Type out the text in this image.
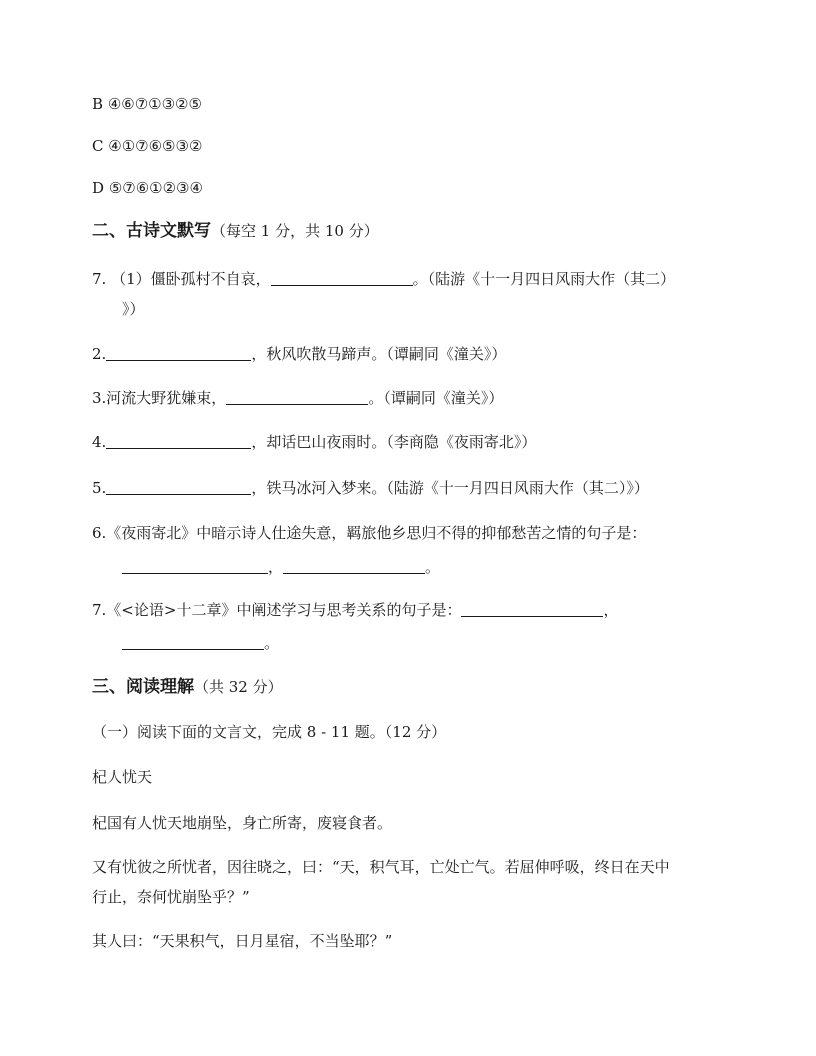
B ④⑥⑦①③②⑤
C ④①⑦⑥⑤③②
D ⑤⑦⑥①②③④
二、古诗文默写（每空 1 分，共 10 分）
7. （1）僵卧孤村不自哀，	。（陆游《十一月四日风雨大作（其二）
》）
2.	，秋风吹散马蹄声。（谭嗣同《潼关》）
3.河流大野犹嫌束，	。（谭嗣同《潼关》）
4.	，却话巴山夜雨时。（李商隐《夜雨寄北》）
5.	，铁马冰河入梦来。（陆游《十一月四日风雨大作（其二）》）
6.《夜雨寄北》中暗示诗人仕途失意，羁旅他乡思归不得的抑郁愁苦之情的句子是：
，	。
7.《<论语>十二章》中阐述学习与思考关系的句子是：	，
。
三、阅读理解（共 32 分）
（一）阅读下面的文言文，完成 8 - 11 题。（12 分）
杞人忧天
杞国有人忧天地崩坠，身亡所寄，废寝食者。
又有忧彼之所忧者，因往晓之，曰：“天，积气耳，亡处亡气。若屈伸呼吸，终日在天中
行止，奈何忧崩坠乎？”
其人曰：“天果积气，日月星宿，不当坠耶？”
